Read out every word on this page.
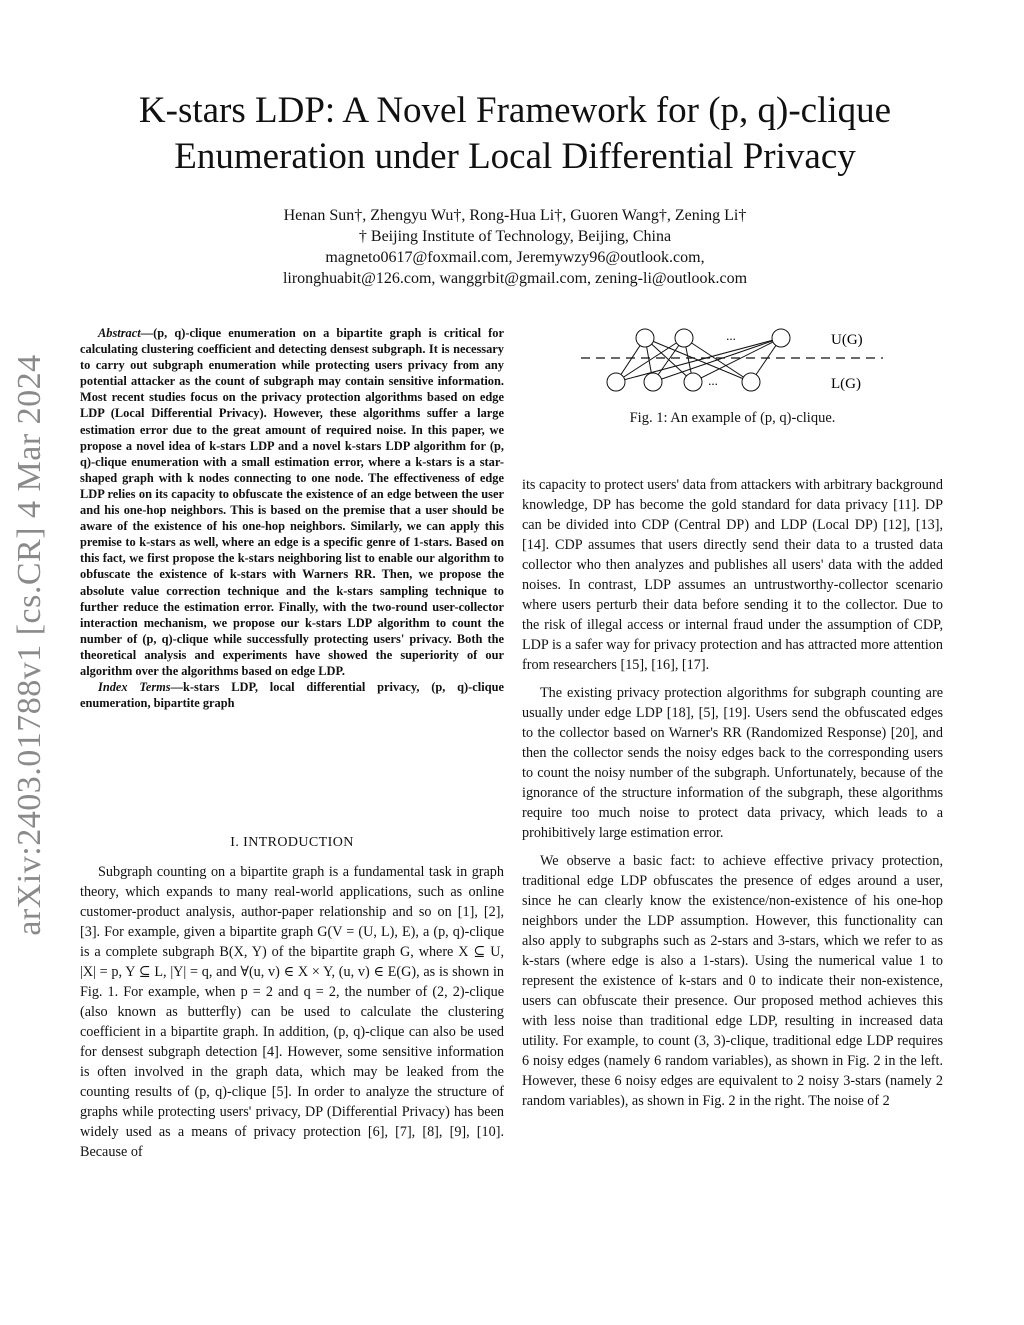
arXiv:2403.01788v1 [cs.CR] 4 Mar 2024
K-stars LDP: A Novel Framework for (p, q)-clique
Enumeration under Local Differential Privacy
Henan Sun†, Zhengyu Wu†, Rong-Hua Li†, Guoren Wang†, Zening Li†
† Beijing Institute of Technology, Beijing, China
magneto0617@foxmail.com, Jeremywzy96@outlook.com,
lironghuabit@126.com, wanggrbit@gmail.com, zening-li@outlook.com

Abstract—(p, q)-clique enumeration on a bipartite graph is critical for calculating clustering coefficient and detecting densest subgraph. It is necessary to carry out subgraph enumeration while protecting users privacy from any potential attacker as the count of subgraph may contain sensitive information. Most recent studies focus on the privacy protection algorithms based on edge LDP (Local Differential Privacy). However, these algorithms suffer a large estimation error due to the great amount of required noise. In this paper, we propose a novel idea of k-stars LDP and a novel k-stars LDP algorithm for (p, q)-clique enumeration with a small estimation error, where a k-stars is a star-shaped graph with k nodes connecting to one node. The effectiveness of edge LDP relies on its capacity to obfuscate the existence of an edge between the user and his one-hop neighbors. This is based on the premise that a user should be aware of the existence of his one-hop neighbors. Similarly, we can apply this premise to k-stars as well, where an edge is a specific genre of 1-stars. Based on this fact, we first propose the k-stars neighboring list to enable our algorithm to obfuscate the existence of k-stars with Warners RR. Then, we propose the absolute value correction technique and the k-stars sampling technique to further reduce the estimation error. Finally, with the two-round user-collector interaction mechanism, we propose our k-stars LDP algorithm to count the number of (p, q)-clique while successfully protecting users' privacy. Both the theoretical analysis and experiments have showed the superiority of our algorithm over the algorithms based on edge LDP.

Index Terms—k-stars LDP, local differential privacy, (p, q)-clique enumeration, bipartite graph

I. INTRODUCTION

Subgraph counting on a bipartite graph is a fundamental task in graph theory, which expands to many real-world applications, such as online customer-product analysis, author-paper relationship and so on [1], [2], [3]. For example, given a bipartite graph G(V = (U, L), E), a (p, q)-clique is a complete subgraph B(X, Y) of the bipartite graph G, where X ⊆ U, |X| = p, Y ⊆ L, |Y| = q, and ∀(u, v) ∈ X × Y, (u, v) ∈ E(G), as is shown in Fig. 1. For example, when p = 2 and q = 2, the number of (2, 2)-clique (also known as butterfly) can be used to calculate the clustering coefficient in a bipartite graph. In addition, (p, q)-clique can also be used for densest subgraph detection [4]. However, some sensitive information is often involved in the graph data, which may be leaked from the counting results of (p, q)-clique [5]. In order to analyze the structure of graphs while protecting users' privacy, DP (Differential Privacy) has been widely used as a means of privacy protection [6], [7], [8], [9], [10]. Because of

...
...
U(G)
L(G)
Fig. 1: An example of (p, q)-clique.

its capacity to protect users' data from attackers with arbitrary background knowledge, DP has become the gold standard for data privacy [11]. DP can be divided into CDP (Central DP) and LDP (Local DP) [12], [13], [14]. CDP assumes that users directly send their data to a trusted data collector who then analyzes and publishes all users' data with the added noises. In contrast, LDP assumes an untrustworthy-collector scenario where users perturb their data before sending it to the collector. Due to the risk of illegal access or internal fraud under the assumption of CDP, LDP is a safer way for privacy protection and has attracted more attention from researchers [15], [16], [17].

The existing privacy protection algorithms for subgraph counting are usually under edge LDP [18], [5], [19]. Users send the obfuscated edges to the collector based on Warner's RR (Randomized Response) [20], and then the collector sends the noisy edges back to the corresponding users to count the noisy number of the subgraph. Unfortunately, because of the ignorance of the structure information of the subgraph, these algorithms require too much noise to protect data privacy, which leads to a prohibitively large estimation error.

We observe a basic fact: to achieve effective privacy protection, traditional edge LDP obfuscates the presence of edges around a user, since he can clearly know the existence/non-existence of his one-hop neighbors under the LDP assumption. However, this functionality can also apply to subgraphs such as 2-stars and 3-stars, which we refer to as k-stars (where edge is also a 1-stars). Using the numerical value 1 to represent the existence of k-stars and 0 to indicate their non-existence, users can obfuscate their presence. Our proposed method achieves this with less noise than traditional edge LDP, resulting in increased data utility. For example, to count (3, 3)-clique, traditional edge LDP requires 6 noisy edges (namely 6 random variables), as shown in Fig. 2 in the left. However, these 6 noisy edges are equivalent to 2 noisy 3-stars (namely 2 random variables), as shown in Fig. 2 in the right. The noise of 2
